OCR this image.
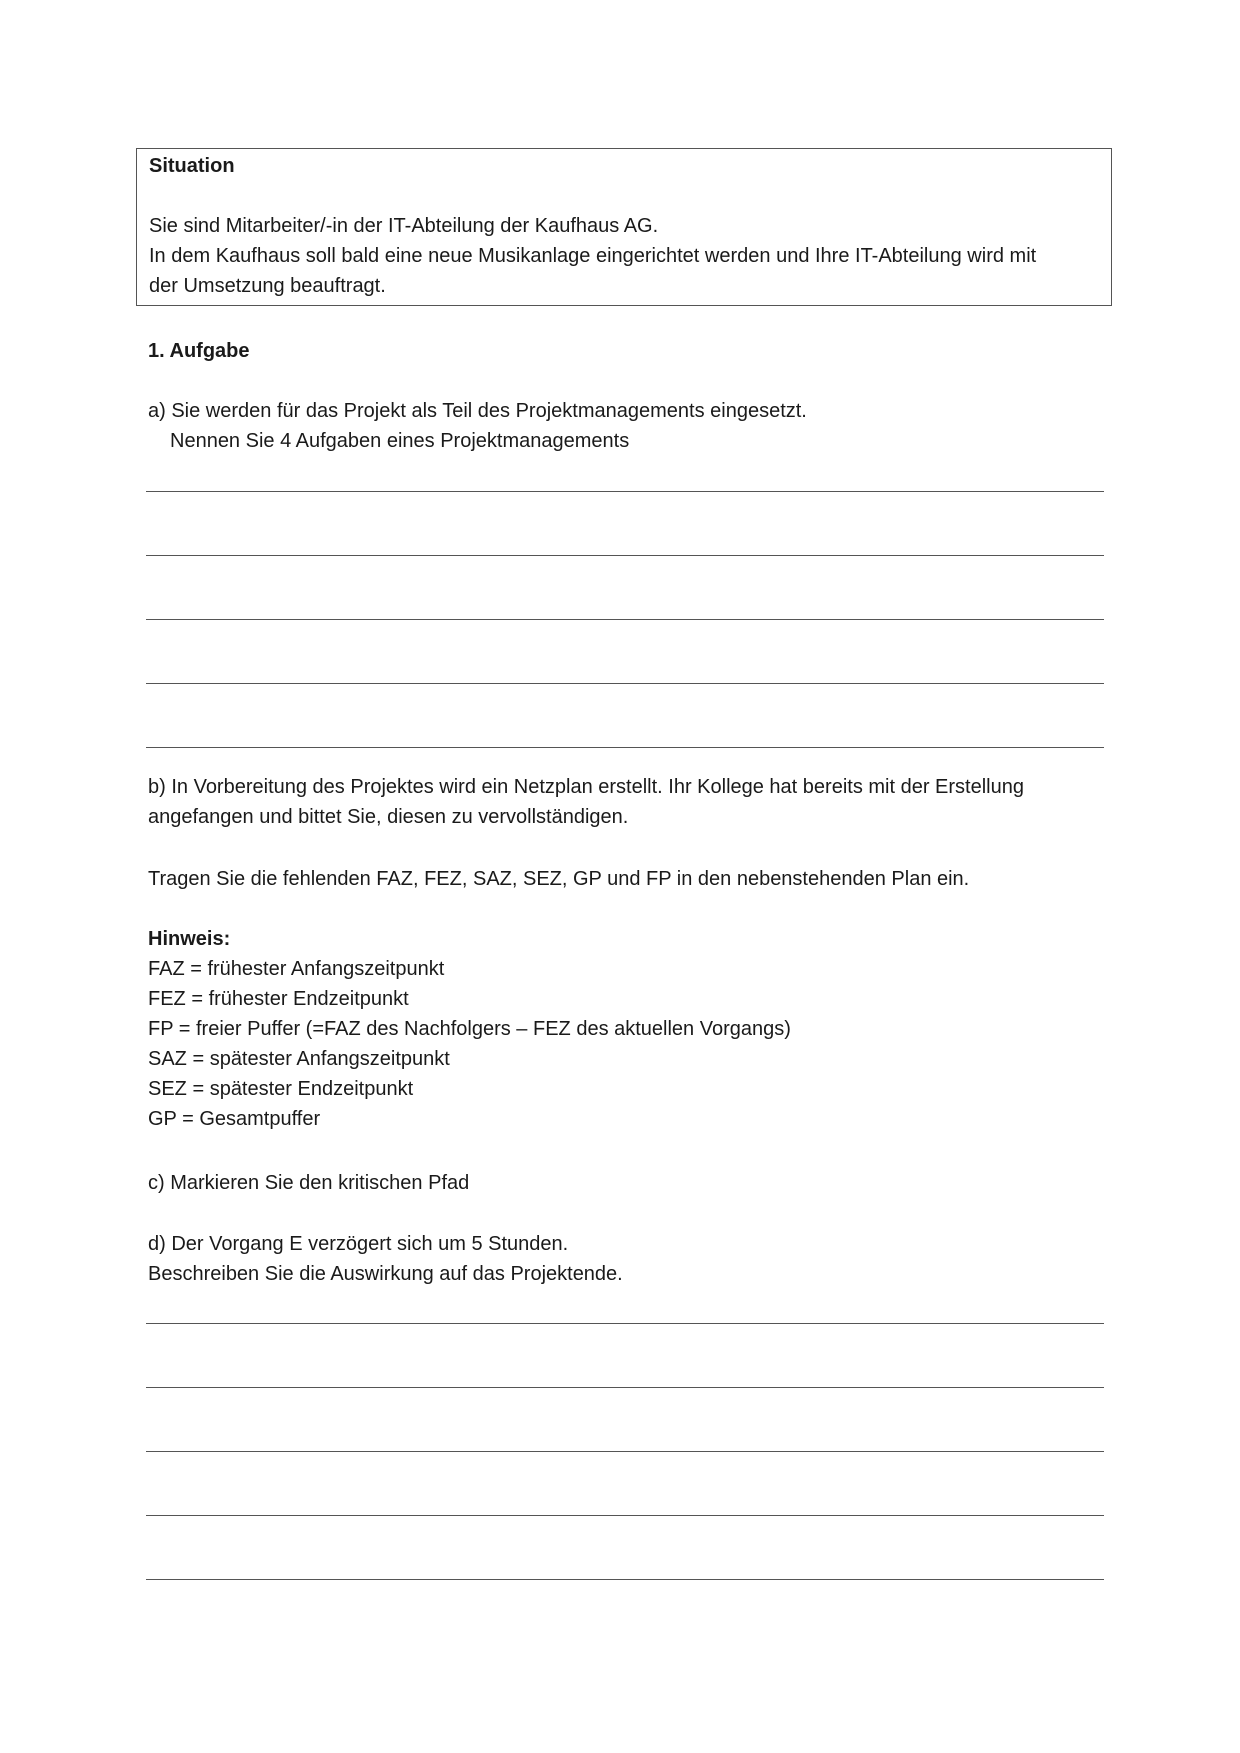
Situation

Sie sind Mitarbeiter/-in der IT-Abteilung der Kaufhaus AG.

In dem Kaufhaus soll bald eine neue Musikanlage eingerichtet werden und Ihre IT-Abteilung wird mit

der Umsetzung beauftragt.

1. Aufgabe

a) Sie werden für das Projekt als Teil des Projektmanagements eingesetzt.

Nennen Sie 4 Aufgaben eines Projektmanagements

b) In Vorbereitung des Projektes wird ein Netzplan erstellt. Ihr Kollege hat bereits mit der Erstellung

angefangen und bittet Sie, diesen zu vervollständigen.

Tragen Sie die fehlenden FAZ, FEZ, SAZ, SEZ, GP und FP in den nebenstehenden Plan ein.

Hinweis:

FAZ = frühester Anfangszeitpunkt

FEZ = frühester Endzeitpunkt

FP = freier Puffer (=FAZ des Nachfolgers – FEZ des aktuellen Vorgangs)

SAZ = spätester Anfangszeitpunkt

SEZ = spätester Endzeitpunkt

GP = Gesamtpuffer

c) Markieren Sie den kritischen Pfad

d) Der Vorgang E verzögert sich um 5 Stunden.

Beschreiben Sie die Auswirkung auf das Projektende.
